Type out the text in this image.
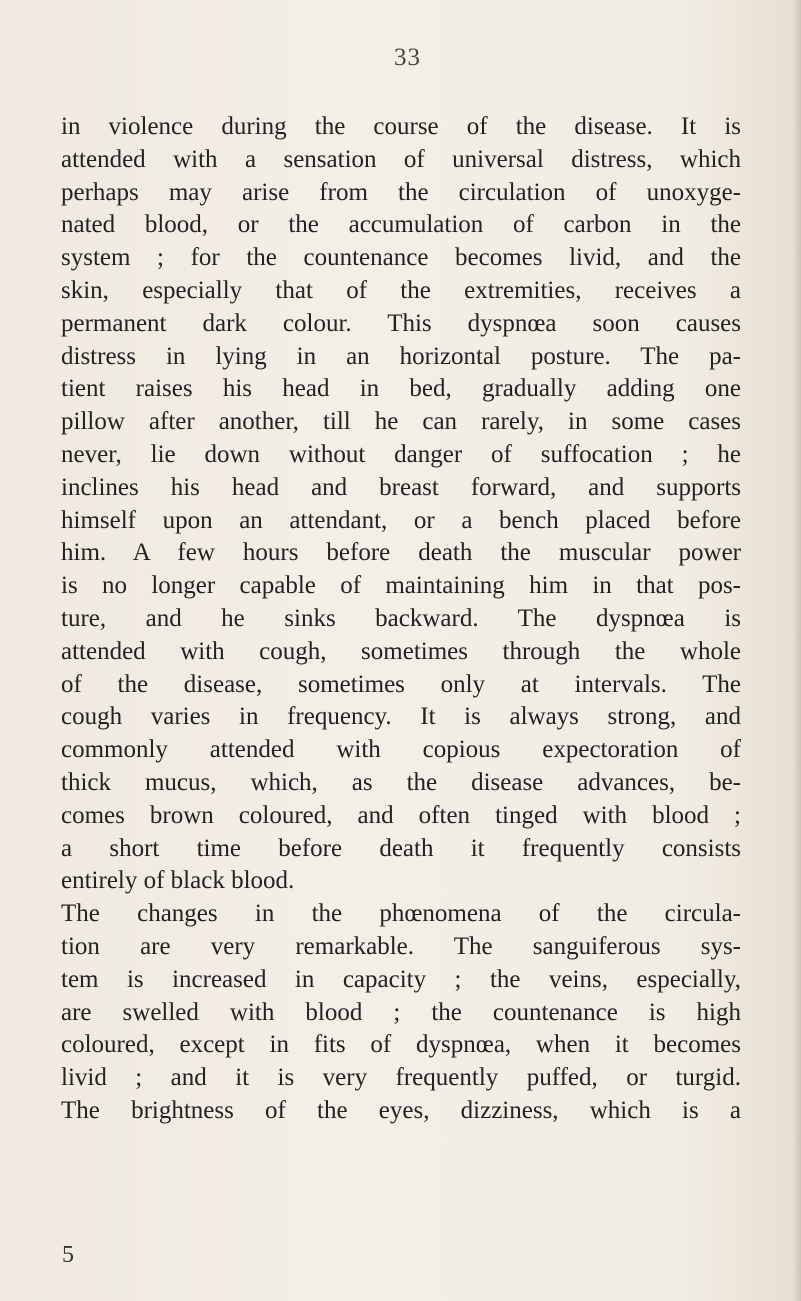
33
in violence during the course of the disease. It is
attended with a sensation of universal distress, which
perhaps may arise from the circulation of unoxyge-
nated blood, or the accumulation of carbon in the
system ; for the countenance becomes livid, and the
skin, especially that of the extremities, receives a
permanent dark colour. This dyspnœa soon causes
distress in lying in an horizontal posture. The pa-
tient raises his head in bed, gradually adding one
pillow after another, till he can rarely, in some cases
never, lie down without danger of suffocation ; he
inclines his head and breast forward, and supports
himself upon an attendant, or a bench placed before
him. A few hours before death the muscular power
is no longer capable of maintaining him in that pos-
ture, and he sinks backward. The dyspnœa is
attended with cough, sometimes through the whole
of the disease, sometimes only at intervals. The
cough varies in frequency. It is always strong, and
commonly attended with copious expectoration of
thick mucus, which, as the disease advances, be-
comes brown coloured, and often tinged with blood ;
a short time before death it frequently consists
entirely of black blood.
The changes in the phœnomena of the circula-
tion are very remarkable. The sanguiferous sys-
tem is increased in capacity ; the veins, especially,
are swelled with blood ; the countenance is high
coloured, except in fits of dyspnœa, when it becomes
livid ; and it is very frequently puffed, or turgid.
The brightness of the eyes, dizziness, which is a
5
